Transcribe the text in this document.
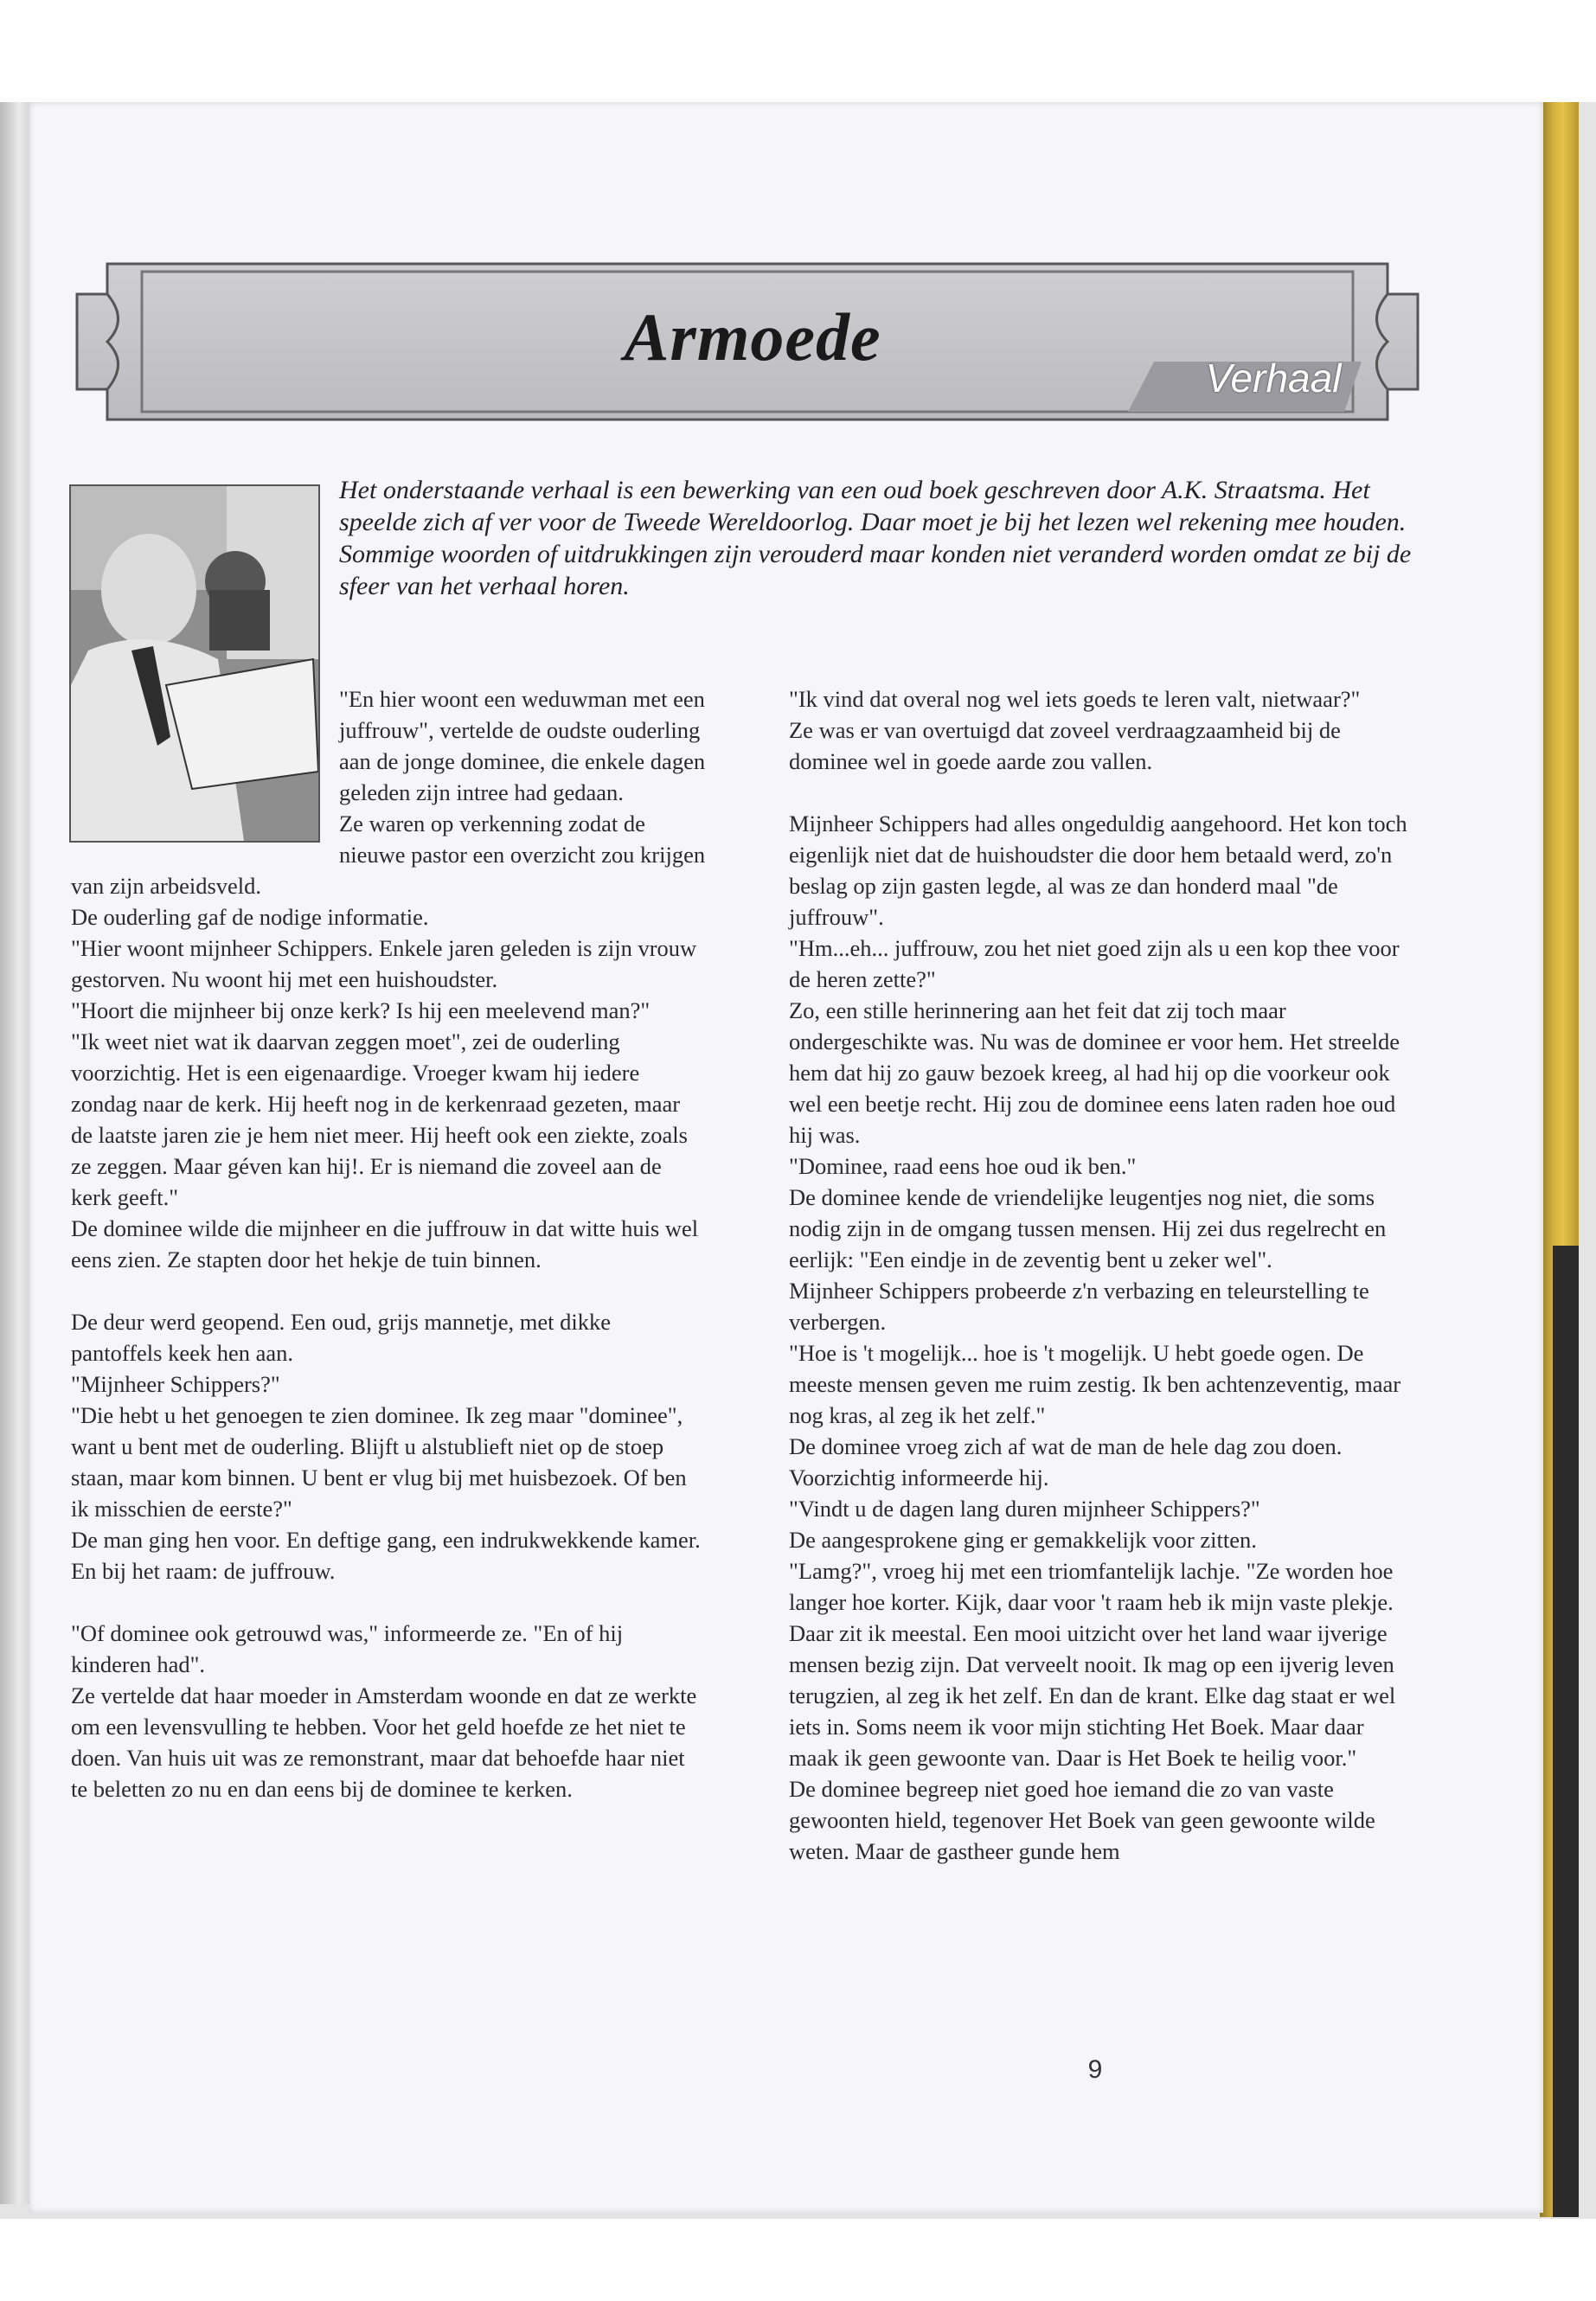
Armoede
Verhaal

Het onderstaande verhaal is een bewerking van een oud boek geschreven door A.K. Straatsma. Het speelde zich af ver voor de Tweede Wereldoorlog. Daar moet je bij het lezen wel rekening mee houden. Sommige woorden of uitdrukkingen zijn verouderd maar konden niet veranderd worden omdat ze bij de sfeer van het verhaal horen.

"En hier woont een weduwman met een juffrouw", vertelde de oudste ouderling aan de jonge dominee, die enkele dagen geleden zijn intree had gedaan.

Ze waren op verkenning zodat de nieuwe pastor een overzicht zou krijgen van zijn arbeidsveld.

De ouderling gaf de nodige informatie.

"Hier woont mijnheer Schippers. Enkele jaren geleden is zijn vrouw gestorven. Nu woont hij met een huishoudster.

"Hoort die mijnheer bij onze kerk? Is hij een meelevend man?"

"Ik weet niet wat ik daarvan zeggen moet", zei de ouderling voorzichtig. Het is een eigenaardige. Vroeger kwam hij iedere zondag naar de kerk. Hij heeft nog in de kerkenraad gezeten, maar de laatste jaren zie je hem niet meer. Hij heeft ook een ziekte, zoals ze zeggen. Maar géven kan hij!. Er is niemand die zoveel aan de kerk geeft."

De dominee wilde die mijnheer en die juffrouw in dat witte huis wel eens zien. Ze stapten door het hekje de tuin binnen.

De deur werd geopend. Een oud, grijs mannetje, met dikke pantoffels keek hen aan.

"Mijnheer Schippers?"

"Die hebt u het genoegen te zien dominee. Ik zeg maar "dominee", want u bent met de ouderling. Blijft u alstublieft niet op de stoep staan, maar kom binnen. U bent er vlug bij met huisbezoek. Of ben ik misschien de eerste?"

De man ging hen voor. En deftige gang, een indrukwekkende kamer. En bij het raam: de juffrouw.

"Of dominee ook getrouwd was," informeerde ze. "En of hij kinderen had".

Ze vertelde dat haar moeder in Amsterdam woonde en dat ze werkte om een levensvulling te hebben. Voor het geld hoefde ze het niet te doen. Van huis uit was ze remonstrant, maar dat behoefde haar niet te beletten zo nu en dan eens bij de dominee te kerken.

"Ik vind dat overal nog wel iets goeds te leren valt, nietwaar?"

Ze was er van overtuigd dat zoveel verdraagzaamheid bij de dominee wel in goede aarde zou vallen.

Mijnheer Schippers had alles ongeduldig aangehoord. Het kon toch eigenlijk niet dat de huishoudster die door hem betaald werd, zo'n beslag op zijn gasten legde, al was ze dan honderd maal "de juffrouw".

"Hm...eh... juffrouw, zou het niet goed zijn als u een kop thee voor de heren zette?"

Zo, een stille herinnering aan het feit dat zij toch maar ondergeschikte was. Nu was de dominee er voor hem. Het streelde hem dat hij zo gauw bezoek kreeg, al had hij op die voorkeur ook wel een beetje recht. Hij zou de dominee eens laten raden hoe oud hij was.

"Dominee, raad eens hoe oud ik ben."

De dominee kende de vriendelijke leugentjes nog niet, die soms nodig zijn in de omgang tussen mensen. Hij zei dus regelrecht en eerlijk: "Een eindje in de zeventig bent u zeker wel".

Mijnheer Schippers probeerde z'n verbazing en teleurstelling te verbergen.

"Hoe is 't mogelijk... hoe is 't mogelijk. U hebt goede ogen. De meeste mensen geven me ruim zestig. Ik ben achtenzeventig, maar nog kras, al zeg ik het zelf."

De dominee vroeg zich af wat de man de hele dag zou doen.

Voorzichtig informeerde hij.

"Vindt u de dagen lang duren mijnheer Schippers?"

De aangesprokene ging er gemakkelijk voor zitten.

"Lamg?", vroeg hij met een triomfantelijk lachje. "Ze worden hoe langer hoe korter. Kijk, daar voor 't raam heb ik mijn vaste plekje. Daar zit ik meestal. Een mooi uitzicht over het land waar ijverige mensen bezig zijn. Dat verveelt nooit. Ik mag op een ijverig leven terugzien, al zeg ik het zelf. En dan de krant. Elke dag staat er wel iets in. Soms neem ik voor mijn stichting Het Boek. Maar daar maak ik geen gewoonte van. Daar is Het Boek te heilig voor."

De dominee begreep niet goed hoe iemand die zo van vaste gewoonten hield, tegenover Het Boek van geen gewoonte wilde weten. Maar de gastheer gunde hem

9
